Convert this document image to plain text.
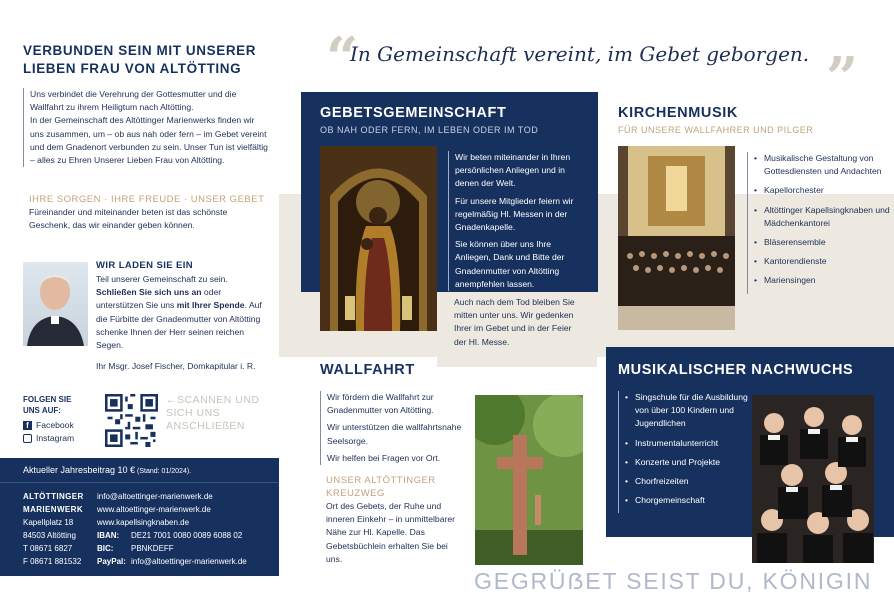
VERBUNDEN SEIN MIT UNSERER
LIEBEN FRAU VON ALTÖTTING
Uns verbindet die Verehrung der Gottesmutter und die Wallfahrt zu ihrem Heiligtum nach Altötting.
In der Gemeinschaft des Altöttinger Marienwerks finden wir uns zusammen, um – ob aus nah oder fern – im Gebet vereint und dem Gnadenort verbunden zu sein. Unser Tun ist vielfältig – alles zu Ehren Unserer Lieben Frau von Altötting.
IHRE SORGEN · IHRE FREUDE · UNSER GEBET
Füreinander und miteinander beten ist das schönste Geschenk, das wir einander geben können.
WIR LADEN SIE EIN
Teil unserer Gemeinschaft zu sein.
Schließen Sie sich uns an oder unterstützen Sie uns mit Ihrer Spende. Auf die Fürbitte der Gnadenmutter von Altötting schenke Ihnen der Herr seinen reichen Segen.
Ihr Msgr. Josef Fischer, Domkapitular i. R.
FOLGEN SIE UNS AUF:
f Facebook
Instagram
←SCANNEN UND SICH UNS ANSCHLIEßEN
Aktueller Jahresbeitrag 10 € (Stand: 01/2024).
ALTÖTTINGER
MARIENWERK
Kapellplatz 18
84503 Altötting
T 08671 6827
F 08671 881532
info@altoettinger-marienwerk.de
www.altoettinger-marienwerk.de
www.kapellsingknaben.de
IBAN: DE21 7001 0080 0089 6088 02
BIC: PBNKDEFF
PayPal: info@altoettinger-marienwerk.de
“
In Gemeinschaft vereint, im Gebet geborgen. ”
GEBETSGEMEINSCHAFT
OB NAH ODER FERN, IM LEBEN ODER IM TOD
Wir beten miteinander in Ihren persönlichen Anliegen und in denen der Welt.
Für unsere Mitglieder feiern wir regelmäßig Hl. Messen in der Gnadenkapelle.
Sie können über uns Ihre Anliegen, Dank und Bitte der Gnadenmutter von Altötting anempfehlen lassen.
Auch nach dem Tod bleiben Sie mitten unter uns. Wir gedenken Ihrer im Gebet und in der Feier der Hl. Messe.
WALLFAHRT
Wir fördern die Wallfahrt zur Gnadenmutter von Altötting.
Wir unterstützen die wallfahrtsnahe Seelsorge.
Wir helfen bei Fragen vor Ort.
UNSER ALTÖTTINGER KREUZWEG
Ort des Gebets, der Ruhe und inneren Einkehr – in unmittelbarer Nähe zur Hl. Kapelle. Das Gebetsbüchlein erhalten Sie bei uns.
KIRCHENMUSIK
FÜR UNSERE WALLFAHRER UND PILGER
• Musikalische Gestaltung von Gottesdiensten und Andachten
• Kapellorchester
• Altöttinger Kapellsingknaben und Mädchenkantorei
• Bläserensemble
• Kantorendienste
• Mariensingen
MUSIKALISCHER NACHWUCHS
• Singschule für die Ausbildung von über 100 Kindern und Jugendlichen
• Instrumentalunterricht
• Konzerte und Projekte
• Chorfreizeiten
• Chorgemeinschaft
GEGRÜẞET SEIST DU, KÖNIGIN
